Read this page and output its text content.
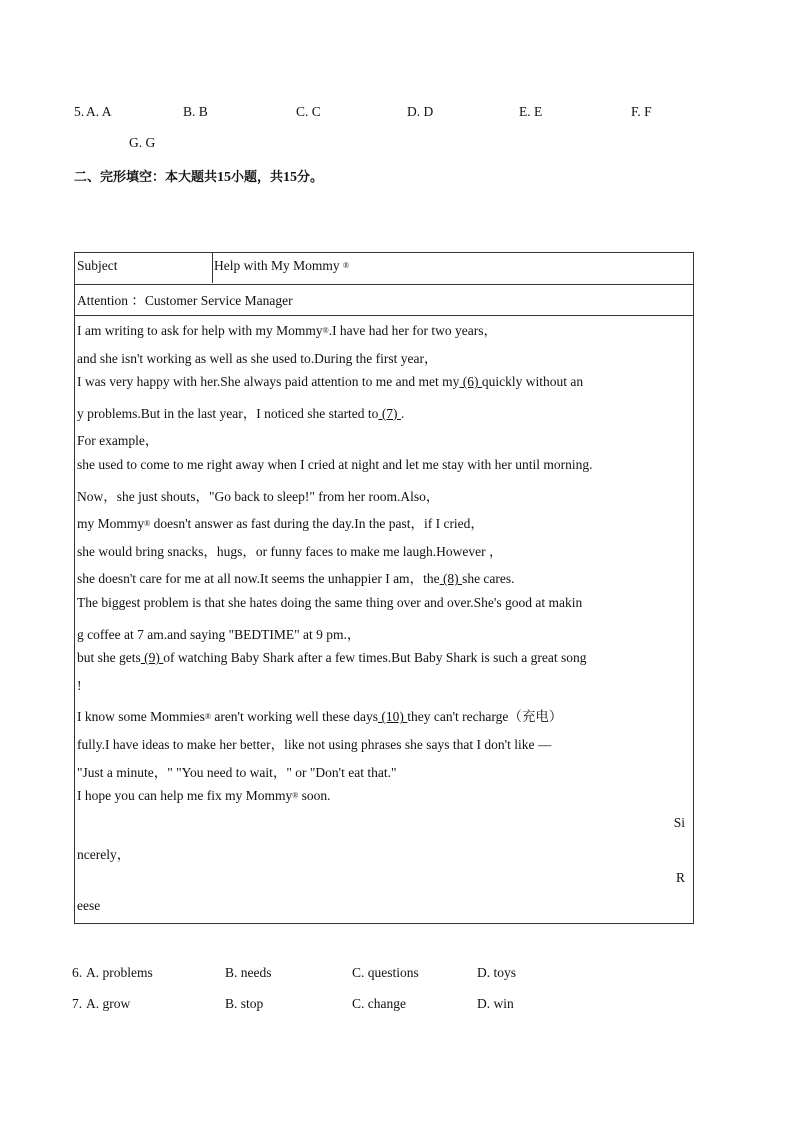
5. A. A	B. B	C. C	D. D	E. E	F. F
G. G
二、完形填空：本大题共15小题，共15分。
Subject	Help with My Mommy ®
Attention ：Customer Service Manager
I am writing to ask for help with my Mommy®.I have had her for two years，
and she isn't working as well as she used to.During the first year，
I was very happy with her.She always paid attention to me and met my (6) quickly without an
y problems.But in the last year，I noticed she started to (7) .
For example，
she used to come to me right away when I cried at night and let me stay with her until morning.
Now，she just shouts，"Go back to sleep!" from her room.Also，
my Mommy® doesn't answer as fast during the day.In the past，if I cried，
she would bring snacks，hugs，or funny faces to make me laugh.However ，
she doesn't care for me at all now.It seems the unhappier I am，the (8) she cares.
The biggest problem is that she hates doing the same thing over and over.She's good at makin
g coffee at 7 am.and saying "BEDTIME" at 9 pm.，
but she gets (9) of watching Baby Shark after a few times.But Baby Shark is such a great song
!
I know some Mommies® aren't working well these days (10) they can't recharge（充电）
fully.I have ideas to make her better，like not using phrases she says that I don't like —
"Just a minute，" "You need to wait，" or "Don't eat that."
I hope you can help me fix my Mommy® soon.
Si
ncerely，
R
eese
6. A. problems	B. needs	C. questions	D. toys
7. A. grow	B. stop	C. change	D. win
